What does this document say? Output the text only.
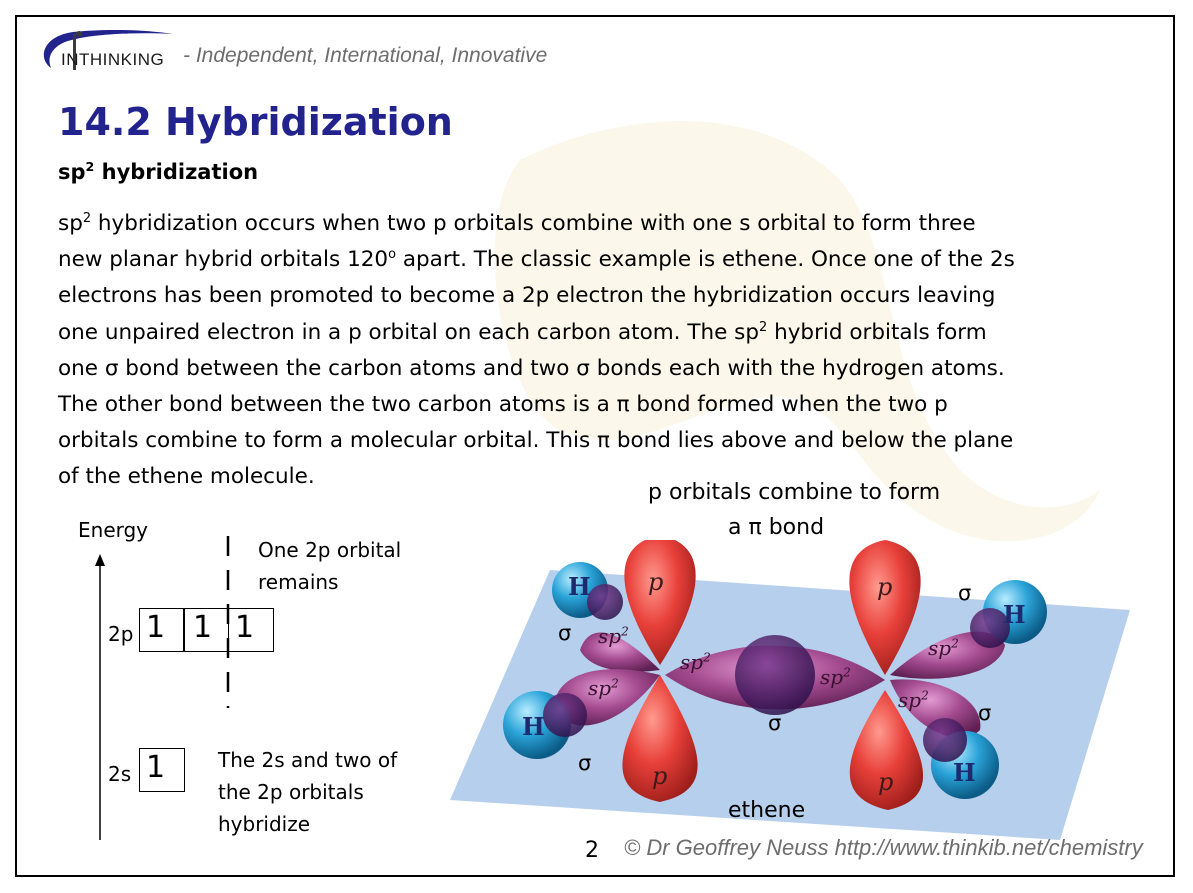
INTHINKING - Independent, International, Innovative
14.2 Hybridization
$sp^2$ hybridization
$sp^2$ hybridization occurs when two p orbitals combine with one s orbital to form three
new planar hybrid orbitals 120$^o$ apart. The classic example is ethene. Once one of the 2s
electrons has been promoted to become a 2p electron the hybridization occurs leaving
one unpaired electron in a p orbital on each carbon atom. The $sp^2$ hybrid orbitals form
one σ bond between the carbon atoms and two σ bonds each with the hydrogen atoms.
The other bond between the two carbon atoms is a π bond formed when the two p
orbitals combine to form a molecular orbital. This π bond lies above and below the plane
of the ethene molecule.
Energy
2p 1 1 1
2s 1
One 2p orbital
remains
The 2s and two of
the 2p orbitals
hybridize
p orbitals combine to form
a π bond
H
H
H
H
p	p
p	p
$sp^2$
$sp^2$
$sp^2$
$sp^2$
$sp^2$
$sp^2$
σ
σ
σ	σ
σ
ethene
2 © Dr Geoffrey Neuss http://www.thinkib.net/chemistry
